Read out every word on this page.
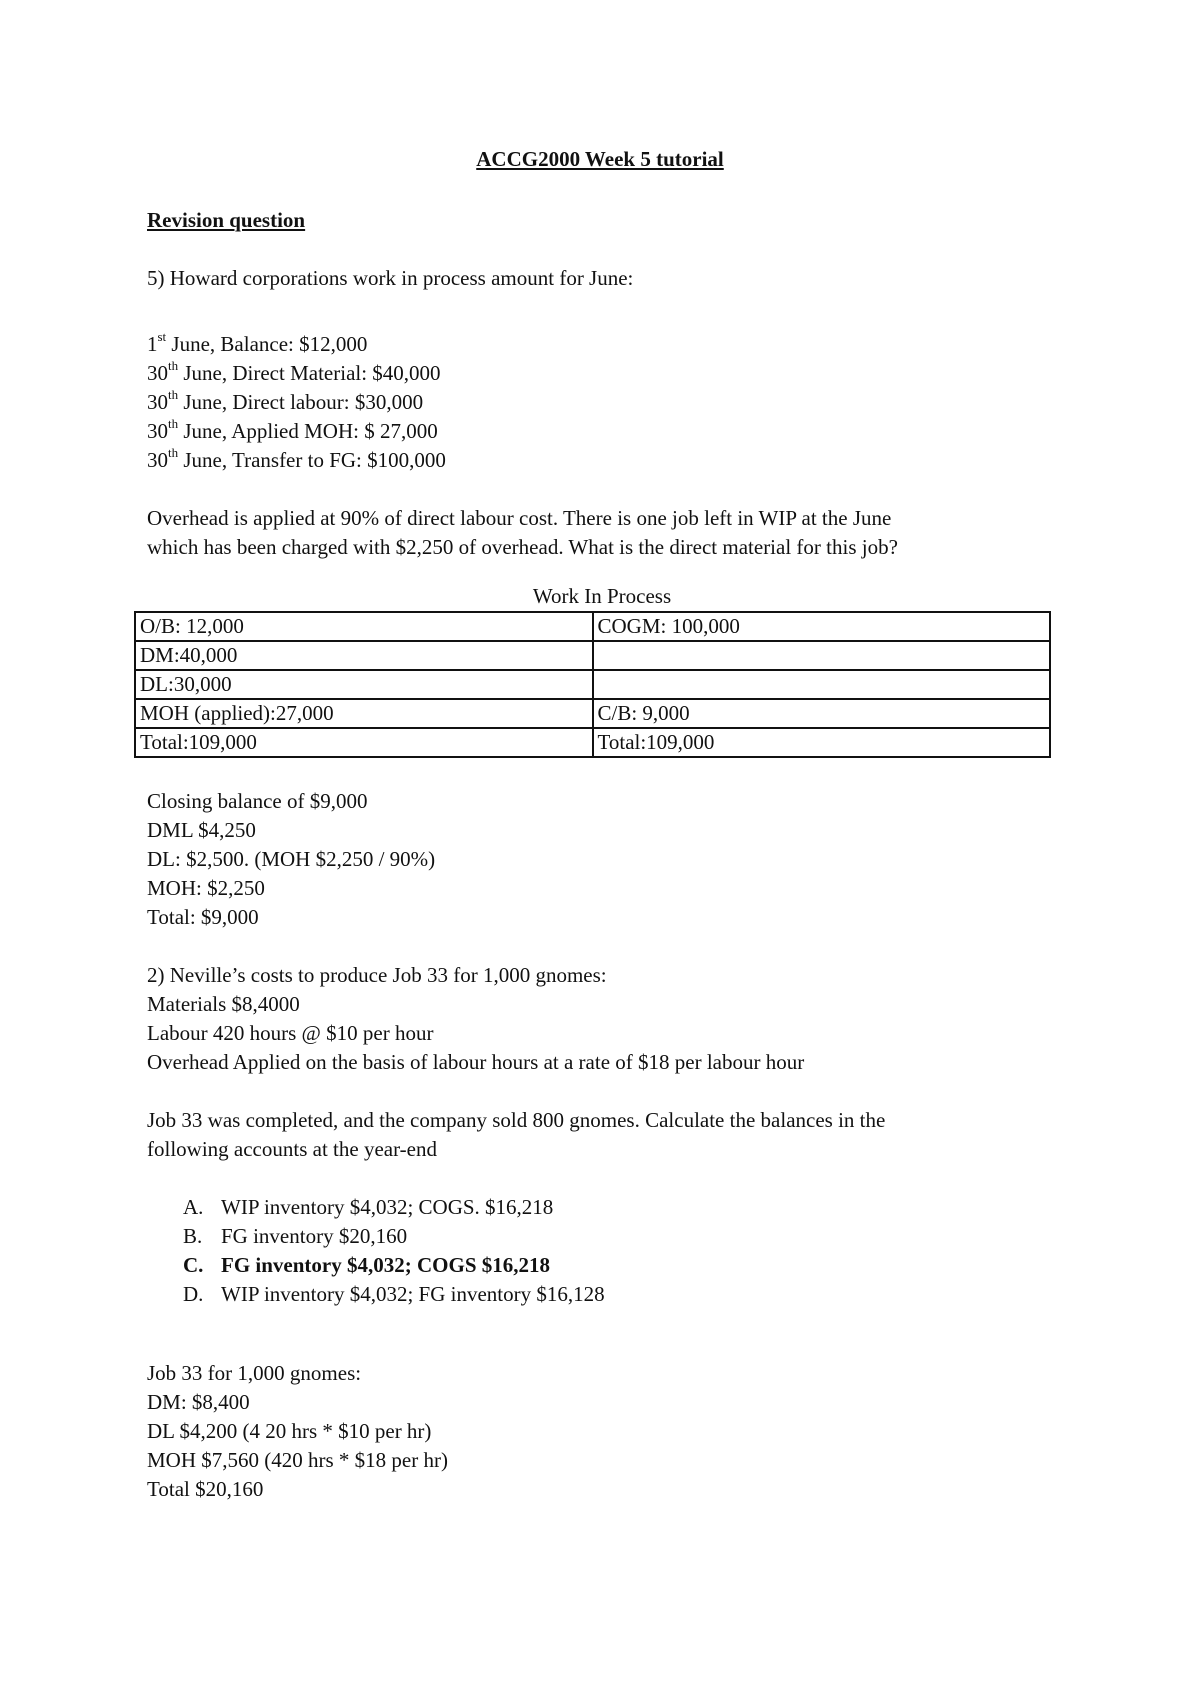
ACCG2000 Week 5 tutorial
Revision question
5) Howard corporations work in process amount for June:
1st June, Balance: $12,000
30th June, Direct Material: $40,000
30th June, Direct labour: $30,000
30th June, Applied MOH: $ 27,000
30th June, Transfer to FG: $100,000
Overhead is applied at 90% of direct labour cost. There is one job left in WIP at the June
which has been charged with $2,250 of overhead. What is the direct material for this job?
Work In Process
O/B: 12,000	COGM: 100,000
DM:40,000	
DL:30,000	
MOH (applied):27,000	C/B: 9,000
Total:109,000	Total:109,000
Closing balance of $9,000
DML $4,250
DL: $2,500. (MOH $2,250 / 90%)
MOH: $2,250
Total: $9,000
2) Neville’s costs to produce Job 33 for 1,000 gnomes:
Materials $8,4000
Labour 420 hours @ $10 per hour
Overhead Applied on the basis of labour hours at a rate of $18 per labour hour
Job 33 was completed, and the company sold 800 gnomes. Calculate the balances in the
following accounts at the year-end
A. WIP inventory $4,032; COGS. $16,218
B. FG inventory $20,160
C. FG inventory $4,032; COGS $16,218
D. WIP inventory $4,032; FG inventory $16,128
Job 33 for 1,000 gnomes:
DM: $8,400
DL $4,200 (4 20 hrs * $10 per hr)
MOH $7,560 (420 hrs * $18 per hr)
Total $20,160
